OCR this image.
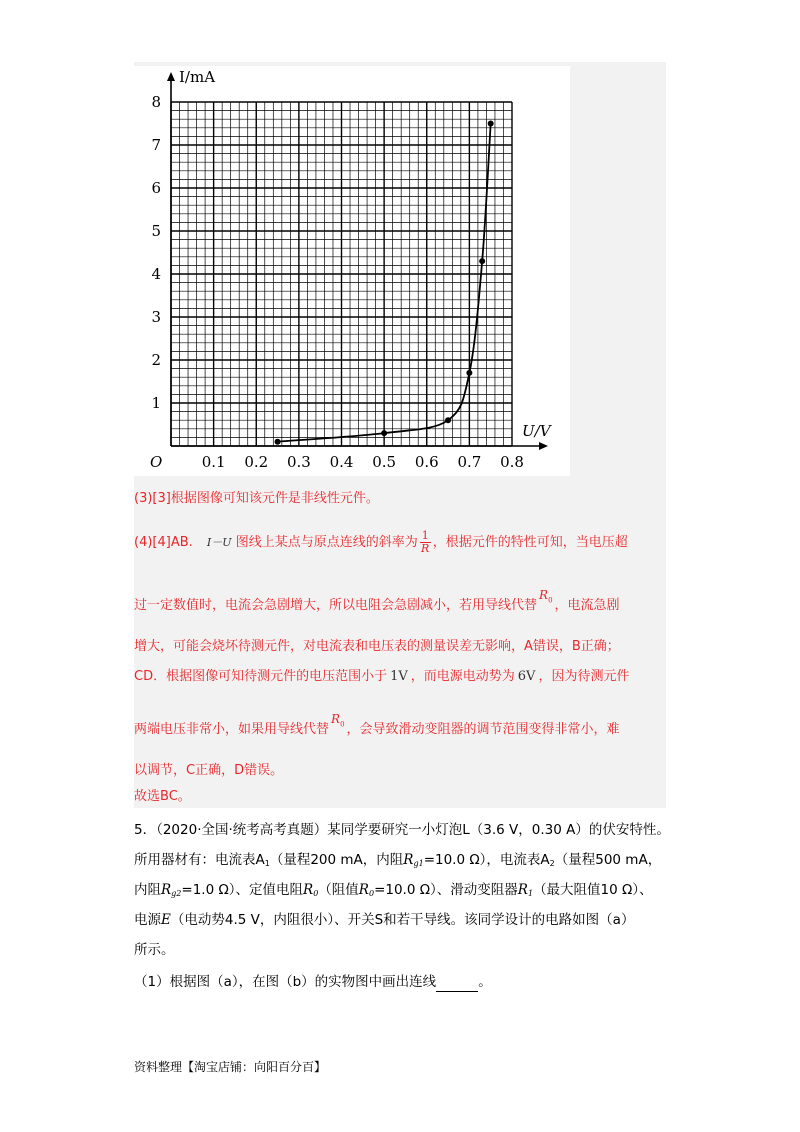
0.1 0.2 0.3 0.4 0.5 0.6 0.7 0.8
1
2
3
4
5
6
7
8
O
U/V
I/mA
(3)[3]根据图像可知该元件是非线性元件。
(4)[4]AB. I－U 图线上某点与原点连线的斜率为 $\frac{1}{R}$ ，根据元件的特性可知，当电压超
过一定数值时，电流会急剧增大，所以电阻会急剧减小，若用导线代替$R_0$ ，电流急剧
增大，可能会烧坏待测元件，对电流表和电压表的测量误差无影响，A错误，B正确；
CD．根据图像可知待测元件的电压范围小于 1V ，而电源电动势为 6V ，因为待测元件
两端电压非常小，如果用导线代替$R_0$ ，会导致滑动变阻器的调节范围变得非常小，难
以调节，C正确，D错误。
故选BC。
5．（2020·全国·统考高考真题）某同学要研究一小灯泡L（3.6 V，0.30 A）的伏安特性。
所用器材有：电流表$A_1$（量程200 mA，内阻$R_{g1}=10.0$ Ω），电流表$A_2$（量程500 mA，
内阻$R_{g2}=1.0$ Ω）、定值电阻$R_0$（阻值$R_0=10.0$ Ω）、滑动变阻器$R_1$（最大阻值10 Ω）、
电源E（电动势4.5 V，内阻很小）、开关S和若干导线。该同学设计的电路如图（a）
所示。
（1）根据图（a），在图（b）的实物图中画出连线	。
资料整理【淘宝店铺：向阳百分百】
